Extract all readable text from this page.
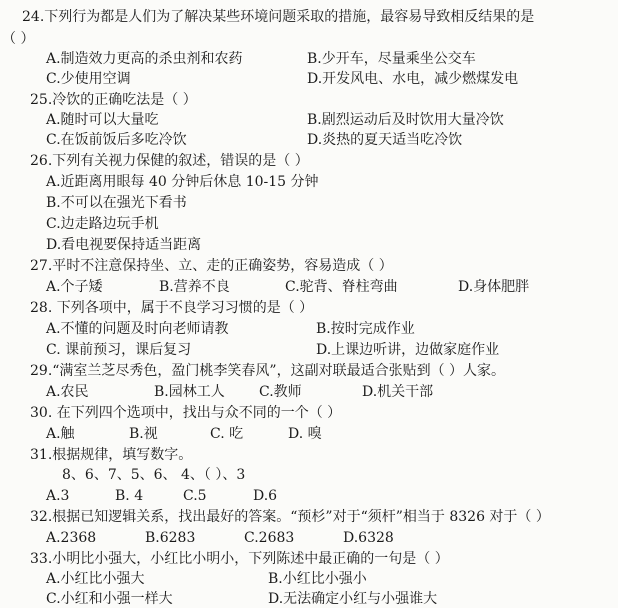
24.下列行为都是人们为了解决某些环境问题采取的措施，最容易导致相反结果的是
（ ）
A.制造效力更高的杀虫剂和农药	B.少开车，尽量乘坐公交车
C.少使用空调	D.开发风电、水电，减少燃煤发电
25.冷饮的正确吃法是（ ）
A.随时可以大量吃	B.剧烈运动后及时饮用大量冷饮
C.在饭前饭后多吃冷饮	D.炎热的夏天适当吃冷饮
26.下列有关视力保健的叙述，错误的是（ ）
A.近距离用眼每 40 分钟后休息 10-15 分钟
B.不可以在强光下看书
C.边走路边玩手机
D.看电视要保持适当距离
27.平时不注意保持坐、立、走的正确姿势，容易造成（ ）
A.个子矮	B.营养不良	C.驼背、脊柱弯曲	D.身体肥胖
28. 下列各项中，属于不良学习习惯的是（ ）
A.不懂的问题及时向老师请教	B.按时完成作业
C. 课前预习，课后复习	D.上课边听讲，边做家庭作业
29.“满室兰芝尽秀色，盈门桃李笑春风”，这副对联最适合张贴到（ ）人家。
A.农民	B.园林工人 C.教师	D.机关干部
30. 在下列四个选项中，找出与众不同的一个（ ）
A.触	B.视	C. 吃	D. 嗅
31.根据规律，填写数字。
8、6、7、5、6、 4、（ ）、3
A.3	B. 4	C.5	D.6
32.根据已知逻辑关系，找出最好的答案。“预杉”对于“须杆”相当于 8326 对于（ ）
A.2368	B.6283	C.2683	D.6328
33.小明比小强大，小红比小明小，下列陈述中最正确的一句是（ ）
A.小红比小强大	B.小红比小强小
C.小红和小强一样大	D.无法确定小红与小强谁大
